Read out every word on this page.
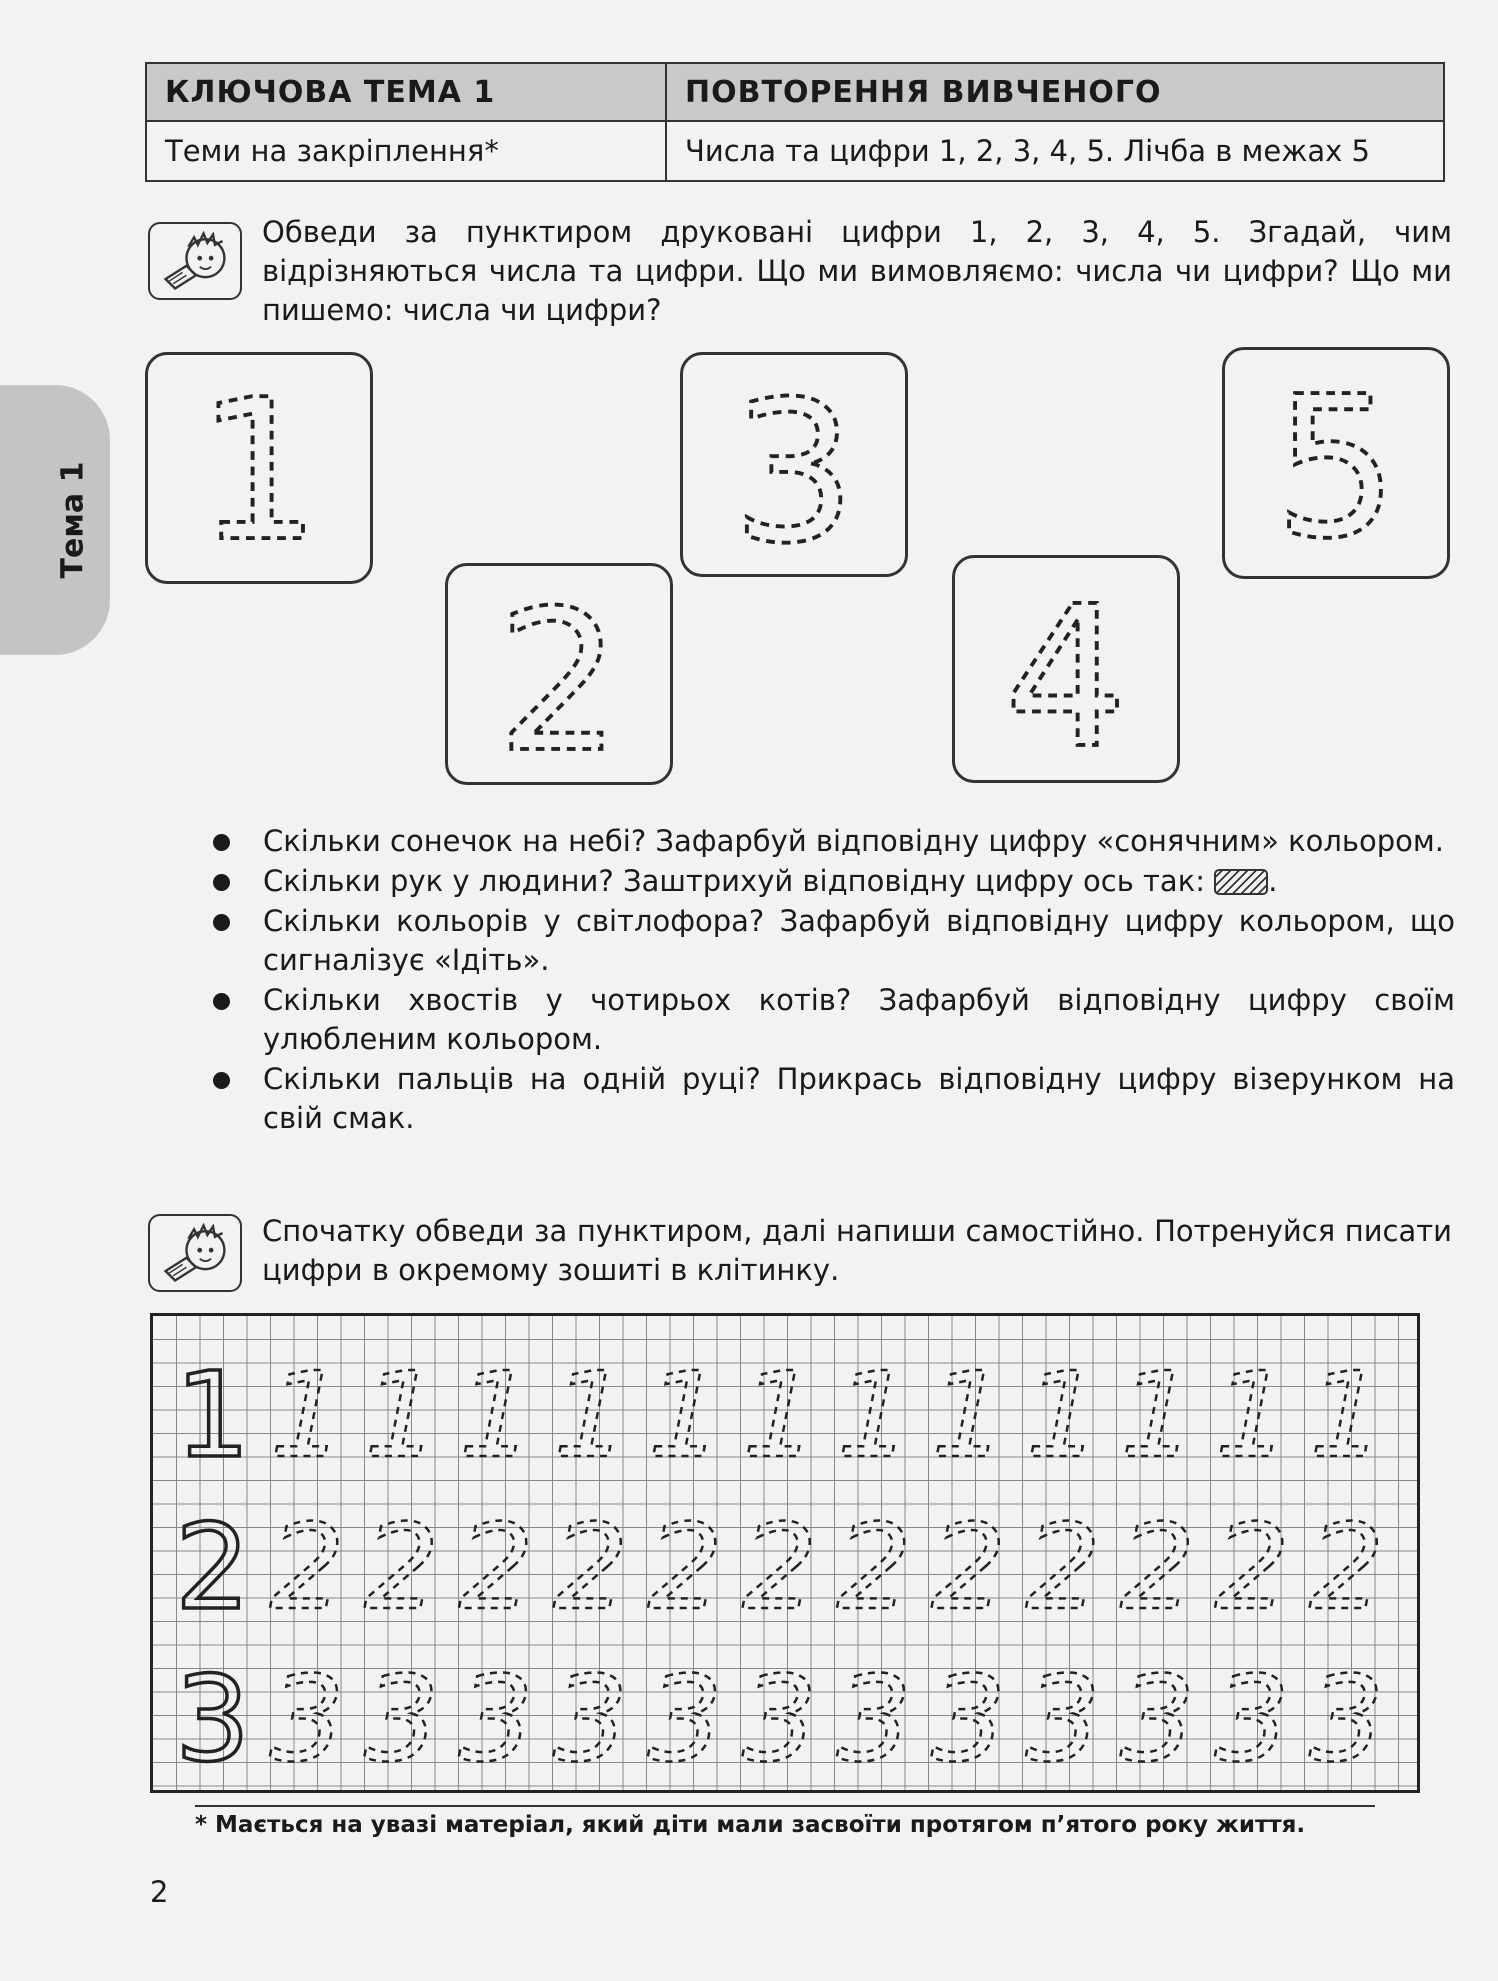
КЛЮЧОВА ТЕМА 1	ПОВТОРЕННЯ ВИВЧЕНОГО
Теми на закріплення*	Числа та цифри 1, 2, 3, 4, 5. Лічба в межах 5
Тема 1
Обведи за пунктиром друковані цифри 1, 2, 3, 4, 5. Згадай, чим відрізняються числа та цифри. Що ми вимовляємо: числа чи цифри? Що ми пишемо: числа чи цифри?
1
2
3
4
5
Скільки сонечок на небі? Зафарбуй відповідну цифру «сонячним» кольором.
Скільки рук у людини? Заштрихуй відповідну цифру ось так: .
Скільки кольорів у світлофора? Зафарбуй відповідну цифру кольором, що сигналізує «Ідіть».
Скільки хвостів у чотирьох котів? Зафарбуй відповідну цифру своїм улюбленим кольором.
Скільки пальців на одній руці? Прикрась відповідну цифру візерунком на свій смак.
Спочатку обведи за пунктиром, далі напиши самостійно. Потренуйся писати цифри в окремому зошиті в клітинку.
1 1 1 1 1 1 1 1 1 1 1 1 1
2 2 2 2 2 2 2 2 2 2 2 2 2
3 3 3 3 3 3 3 3 3 3 3 3 3
* Мається на увазі матеріал, який діти мали засвоїти протягом п’ятого року життя.
2
